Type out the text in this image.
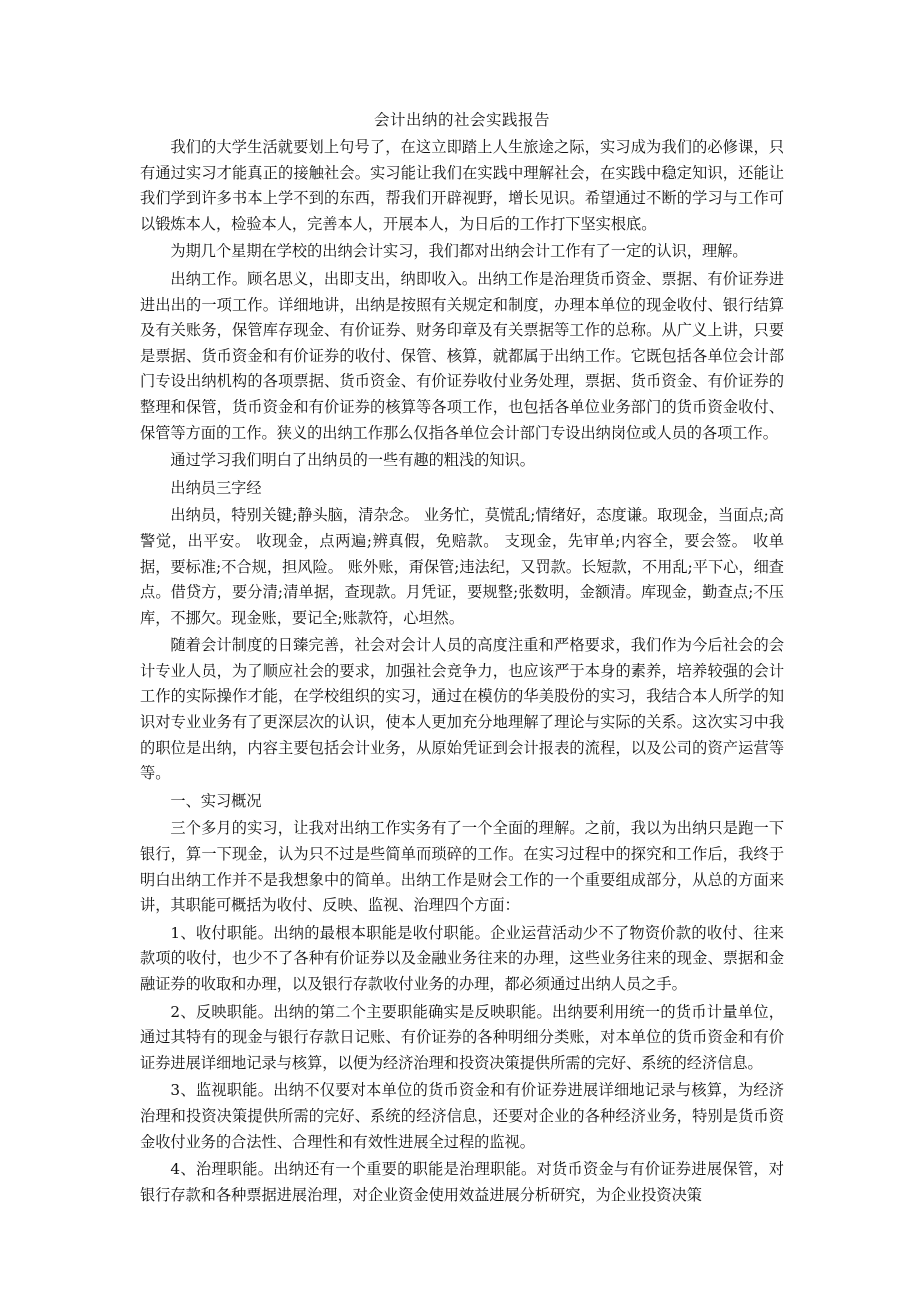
会计出纳的社会实践报告

我们的大学生活就要划上句号了，在这立即踏上人生旅途之际，实习成为我们的必修课，只有通过实习才能真正的接触社会。实习能让我们在实践中理解社会，在实践中稳定知识，还能让我们学到许多书本上学不到的东西，帮我们开辟视野，增长见识。希望通过不断的学习与工作可以锻炼本人，检验本人，完善本人，开展本人，为日后的工作打下坚实根底。

为期几个星期在学校的出纳会计实习，我们都对出纳会计工作有了一定的认识，理解。

出纳工作。顾名思义，出即支出，纳即收入。出纳工作是治理货币资金、票据、有价证券进进出出的一项工作。详细地讲，出纳是按照有关规定和制度，办理本单位的现金收付、银行结算及有关账务，保管库存现金、有价证券、财务印章及有关票据等工作的总称。从广义上讲，只要是票据、货币资金和有价证券的收付、保管、核算，就都属于出纳工作。它既包括各单位会计部门专设出纳机构的各项票据、货币资金、有价证券收付业务处理，票据、货币资金、有价证券的整理和保管，货币资金和有价证券的核算等各项工作，也包括各单位业务部门的货币资金收付、保管等方面的工作。狭义的出纳工作那么仅指各单位会计部门专设出纳岗位或人员的各项工作。

通过学习我们明白了出纳员的一些有趣的粗浅的知识。

出纳员三字经

出纳员，特别关键;静头脑，清杂念。 业务忙，莫慌乱;情绪好，态度谦。取现金，当面点;高警觉，出平安。 收现金，点两遍;辨真假，免赔款。 支现金，先审单;内容全，要会签。 收单据，要标准;不合规，担风险。 账外账，甭保管;违法纪，又罚款。长短款，不用乱;平下心，细查点。借贷方，要分清;清单据，查现款。月凭证，要规整;张数明，金额清。库现金，勤查点;不压库，不挪欠。现金账，要记全;账款符，心坦然。

随着会计制度的日臻完善，社会对会计人员的高度注重和严格要求，我们作为今后社会的会计专业人员，为了顺应社会的要求，加强社会竞争力，也应该严于本身的素养，培养较强的会计工作的实际操作才能，在学校组织的实习，通过在模仿的华美股份的实习，我结合本人所学的知识对专业业务有了更深层次的认识，使本人更加充分地理解了理论与实际的关系。这次实习中我的职位是出纳，内容主要包括会计业务，从原始凭证到会计报表的流程，以及公司的资产运营等等。

一、实习概况

三个多月的实习，让我对出纳工作实务有了一个全面的理解。之前，我以为出纳只是跑一下银行，算一下现金，认为只不过是些简单而琐碎的工作。在实习过程中的探究和工作后，我终于明白出纳工作并不是我想象中的简单。出纳工作是财会工作的一个重要组成部分，从总的方面来讲，其职能可概括为收付、反映、监视、治理四个方面：

1、收付职能。出纳的最根本职能是收付职能。企业运营活动少不了物资价款的收付、往来款项的收付，也少不了各种有价证券以及金融业务往来的办理，这些业务往来的现金、票据和金融证券的收取和办理，以及银行存款收付业务的办理，都必须通过出纳人员之手。

2、反映职能。出纳的第二个主要职能确实是反映职能。出纳要利用统一的货币计量单位，通过其特有的现金与银行存款日记账、有价证券的各种明细分类账，对本单位的货币资金和有价证券进展详细地记录与核算，以便为经济治理和投资决策提供所需的完好、系统的经济信息。

3、监视职能。出纳不仅要对本单位的货币资金和有价证券进展详细地记录与核算，为经济治理和投资决策提供所需的完好、系统的经济信息，还要对企业的各种经济业务，特别是货币资金收付业务的合法性、合理性和有效性进展全过程的监视。

4、治理职能。出纳还有一个重要的职能是治理职能。对货币资金与有价证券进展保管，对银行存款和各种票据进展治理，对企业资金使用效益进展分析研究，为企业投资决策
